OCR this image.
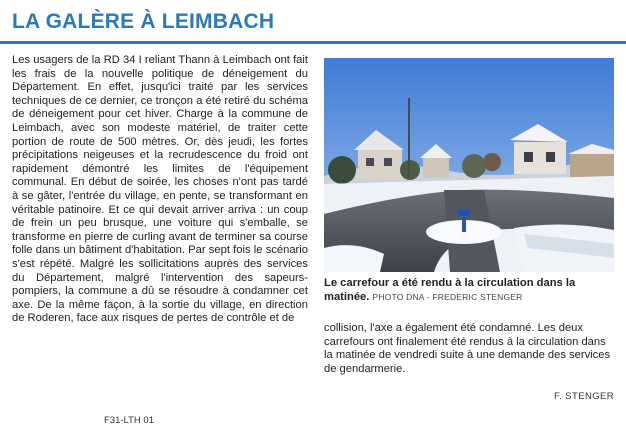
LA GALÈRE À LEIMBACH
Les usagers de la RD 34 I reliant Thann à Leimbach ont fait les frais de la nouvelle politique de déneigement du Département. En effet, jusqu'ici traité par les services techniques de ce dernier, ce tronçon a été retiré du schéma de déneigement pour cet hiver. Charge à la commune de Leimbach, avec son modeste matériel, de traiter cette portion de route de 500 mètres. Or, dès jeudi, les fortes précipitations neigeuses et la recrudescence du froid ont rapidement démontré les limites de l'équipement communal. En début de soirée, les choses n'ont pas tardé à se gâter, l'entrée du village, en pente, se transformant en véritable patinoire. Et ce qui devait arriver arriva : un coup de frein un peu brusque, une voiture qui s'emballe, se transforme en pierre de curling avant de terminer sa course folle dans un bâtiment d'habitation. Par sept fois le scénario s'est répété. Malgré les sollicitations auprès des services du Département, malgré l'intervention des sapeurs-pompiers, la commune a dû se résoudre à condamner cet axe. De la même façon, à la sortie du village, en direction de Roderen, face aux risques de pertes de contrôle et de
Le carrefour a été rendu à la circulation dans la matinée. PHOTO DNA - FREDERIC STENGER
collision, l'axe a également été condamné. Les deux carrefours ont finalement été rendus à la circulation dans la matinée de vendredi suite à une demande des services de gendarmerie.
F. STENGER
F31-LTH 01
